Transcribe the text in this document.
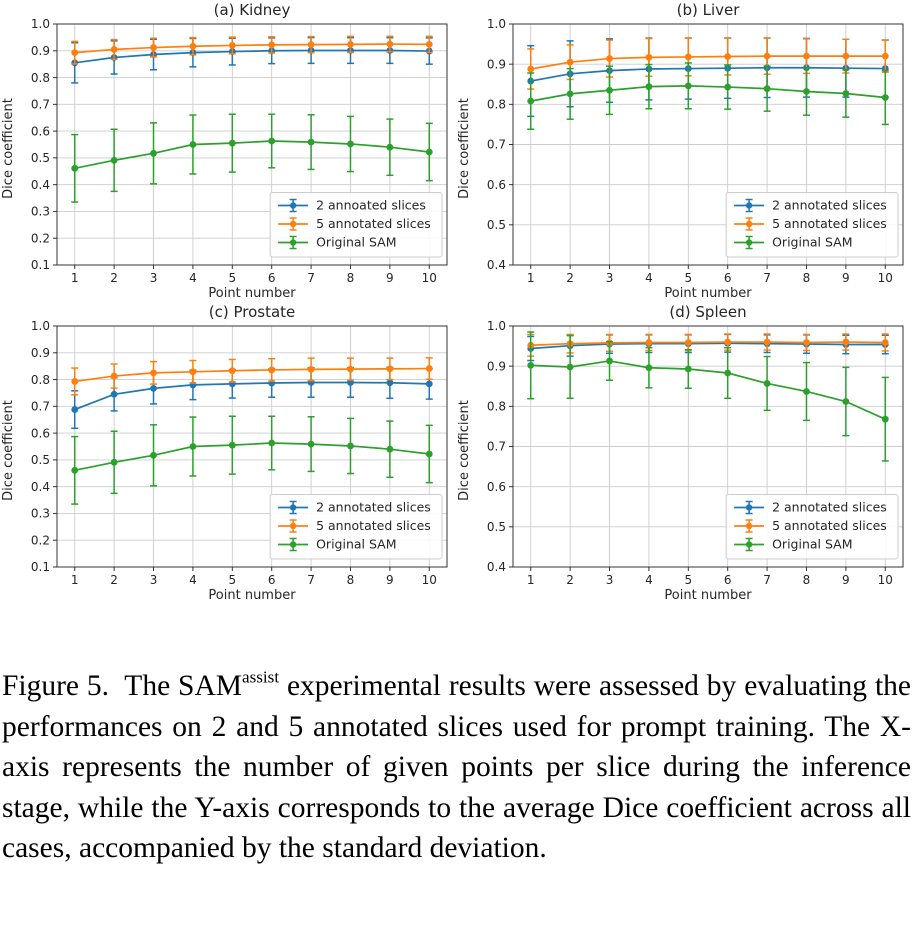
0.1
0.2
0.3
0.4
0.5
0.6
0.7
0.8
0.9
1.0
1	2	3	4	5	6	7	8	9 10
(a) Kidney
Point number
Dice coefficient
2 annoated slices
5 annotated slices
Original SAM
0.4
0.5
0.6
0.7
0.8
0.9
1.0
1	2	3	4	5	6	7	8	9 10
(b) Liver
Point number
Dice coefficient
2 annotated slices
5 annotated slices
Original SAM
0.1
0.2
0.3
0.4
0.5
0.6
0.7
0.8
0.9
1.0
1	2	3	4	5	6	7	8	9 10
(c) Prostate
Point number
Dice coefficient
2 annotated slices
5 annotated slices
Original SAM
0.4
0.5
0.6
0.7
0.8
0.9
1.0
1	2	3	4	5	6	7	8	9 10
(d) Spleen
Point number
Dice coefficient
2 annotated slices
5 annotated slices
Original SAM

Figure 5. The $SAM^{assist}$ experimental results were assessed by evaluating the performances on 2 and 5 annotated slices used for prompt training. The X-axis represents the number of given points per slice during the inference stage, while the Y-axis corresponds to the average Dice coefficient across all cases, accompanied by the standard deviation.
